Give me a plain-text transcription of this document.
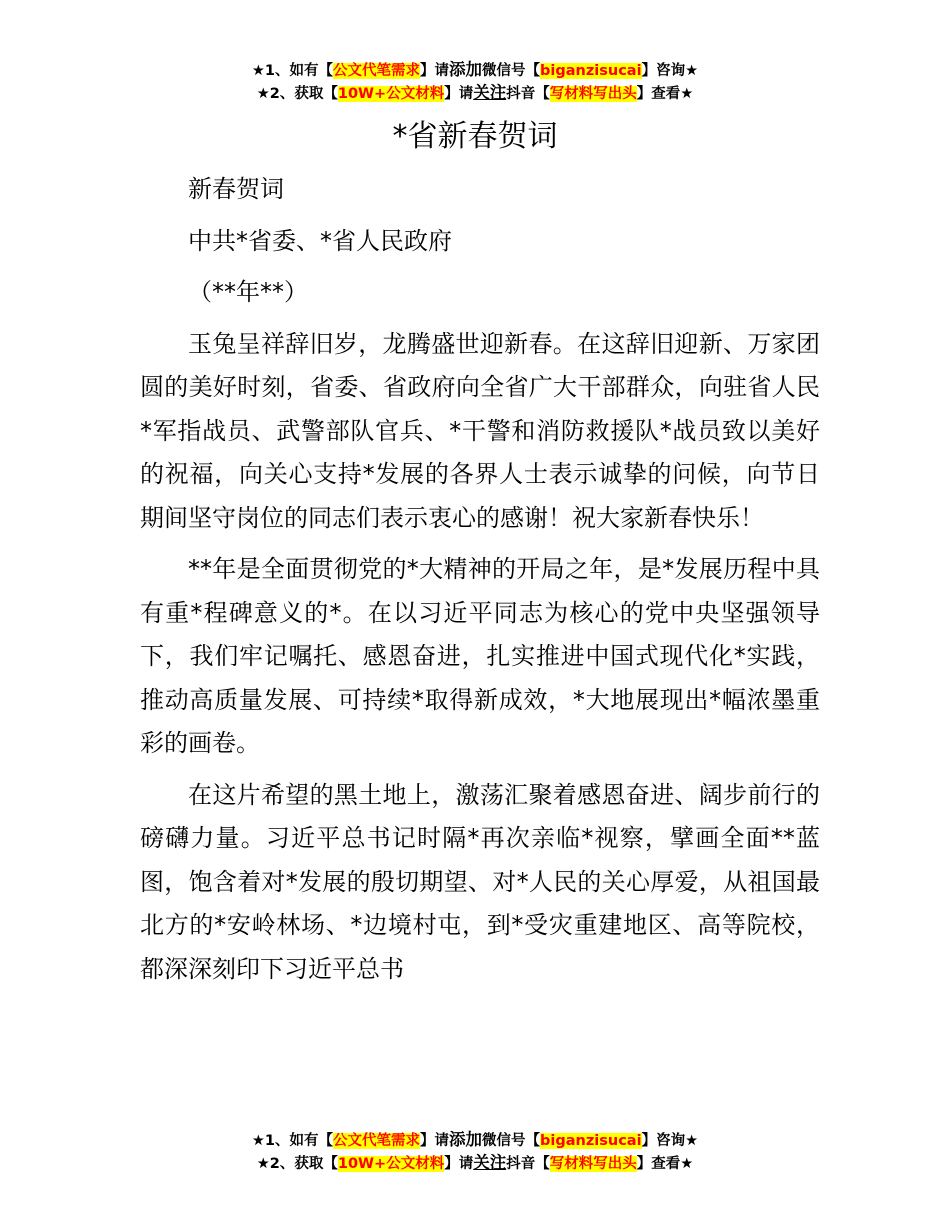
★1、如有【公文代笔需求】请添加微信号【biganzisucai】咨询★
★2、获取【10W+公文材料】请关注抖音【写材料写出头】查看★
*省新春贺词

新春贺词

中共*省委、*省人民政府

（**年**）

玉兔呈祥辞旧岁，龙腾盛世迎新春。在这辞旧迎新、万家团圆的美好时刻，省委、省政府向全省广大干部群众，向驻省人民*军指战员、武警部队官兵、*干警和消防救援队*战员致以美好的祝福，向关心支持*发展的各界人士表示诚挚的问候，向节日期间坚守岗位的同志们表示衷心的感谢！祝大家新春快乐！

**年是全面贯彻党的*大精神的开局之年，是*发展历程中具有重*程碑意义的*。在以习近平同志为核心的党中央坚强领导下，我们牢记嘱托、感恩奋进，扎实推进中国式现代化*实践，推动高质量发展、可持续*取得新成效，*大地展现出*幅浓墨重彩的画卷。

在这片希望的黑土地上，激荡汇聚着感恩奋进、阔步前行的磅礴力量。习近平总书记时隔*再次亲临*视察，擘画全面**蓝图，饱含着对*发展的殷切期望、对*人民的关心厚爱，从祖国最北方的*安岭林场、*边境村屯，到*受灾重建地区、高等院校，都深深刻印下习近平总书

★1、如有【公文代笔需求】请添加微信号【biganzisucai】咨询★
★2、获取【10W+公文材料】请关注抖音【写材料写出头】查看★
